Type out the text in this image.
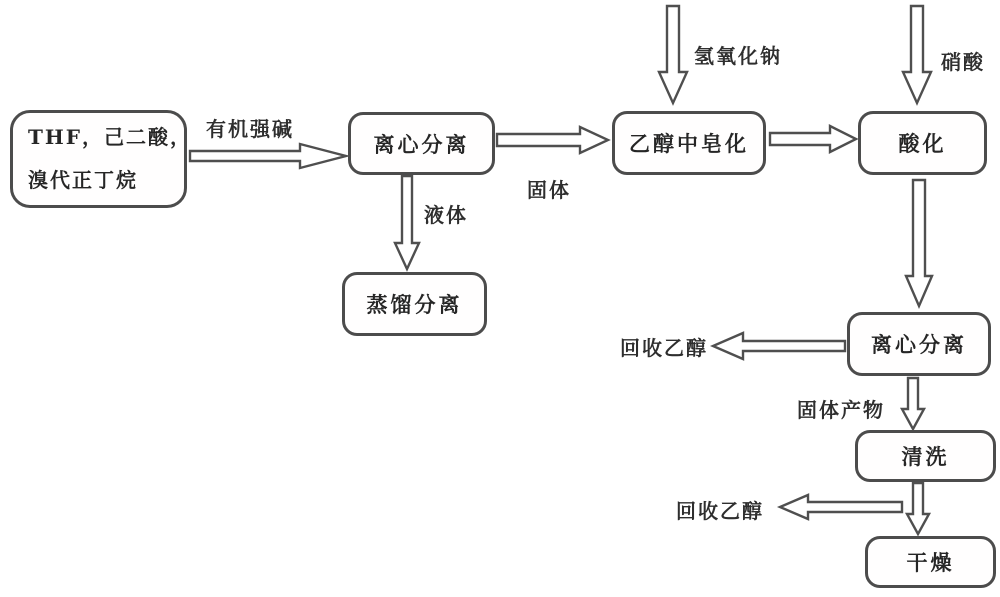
THF，己二酸，
溴代正丁烷
离心分离
蒸馏分离
乙醇中皂化	酸化
离心分离
清洗
干燥
有机强碱
固体
液体
氢氧化钠	硝酸
回收乙醇
固体产物
回收乙醇
